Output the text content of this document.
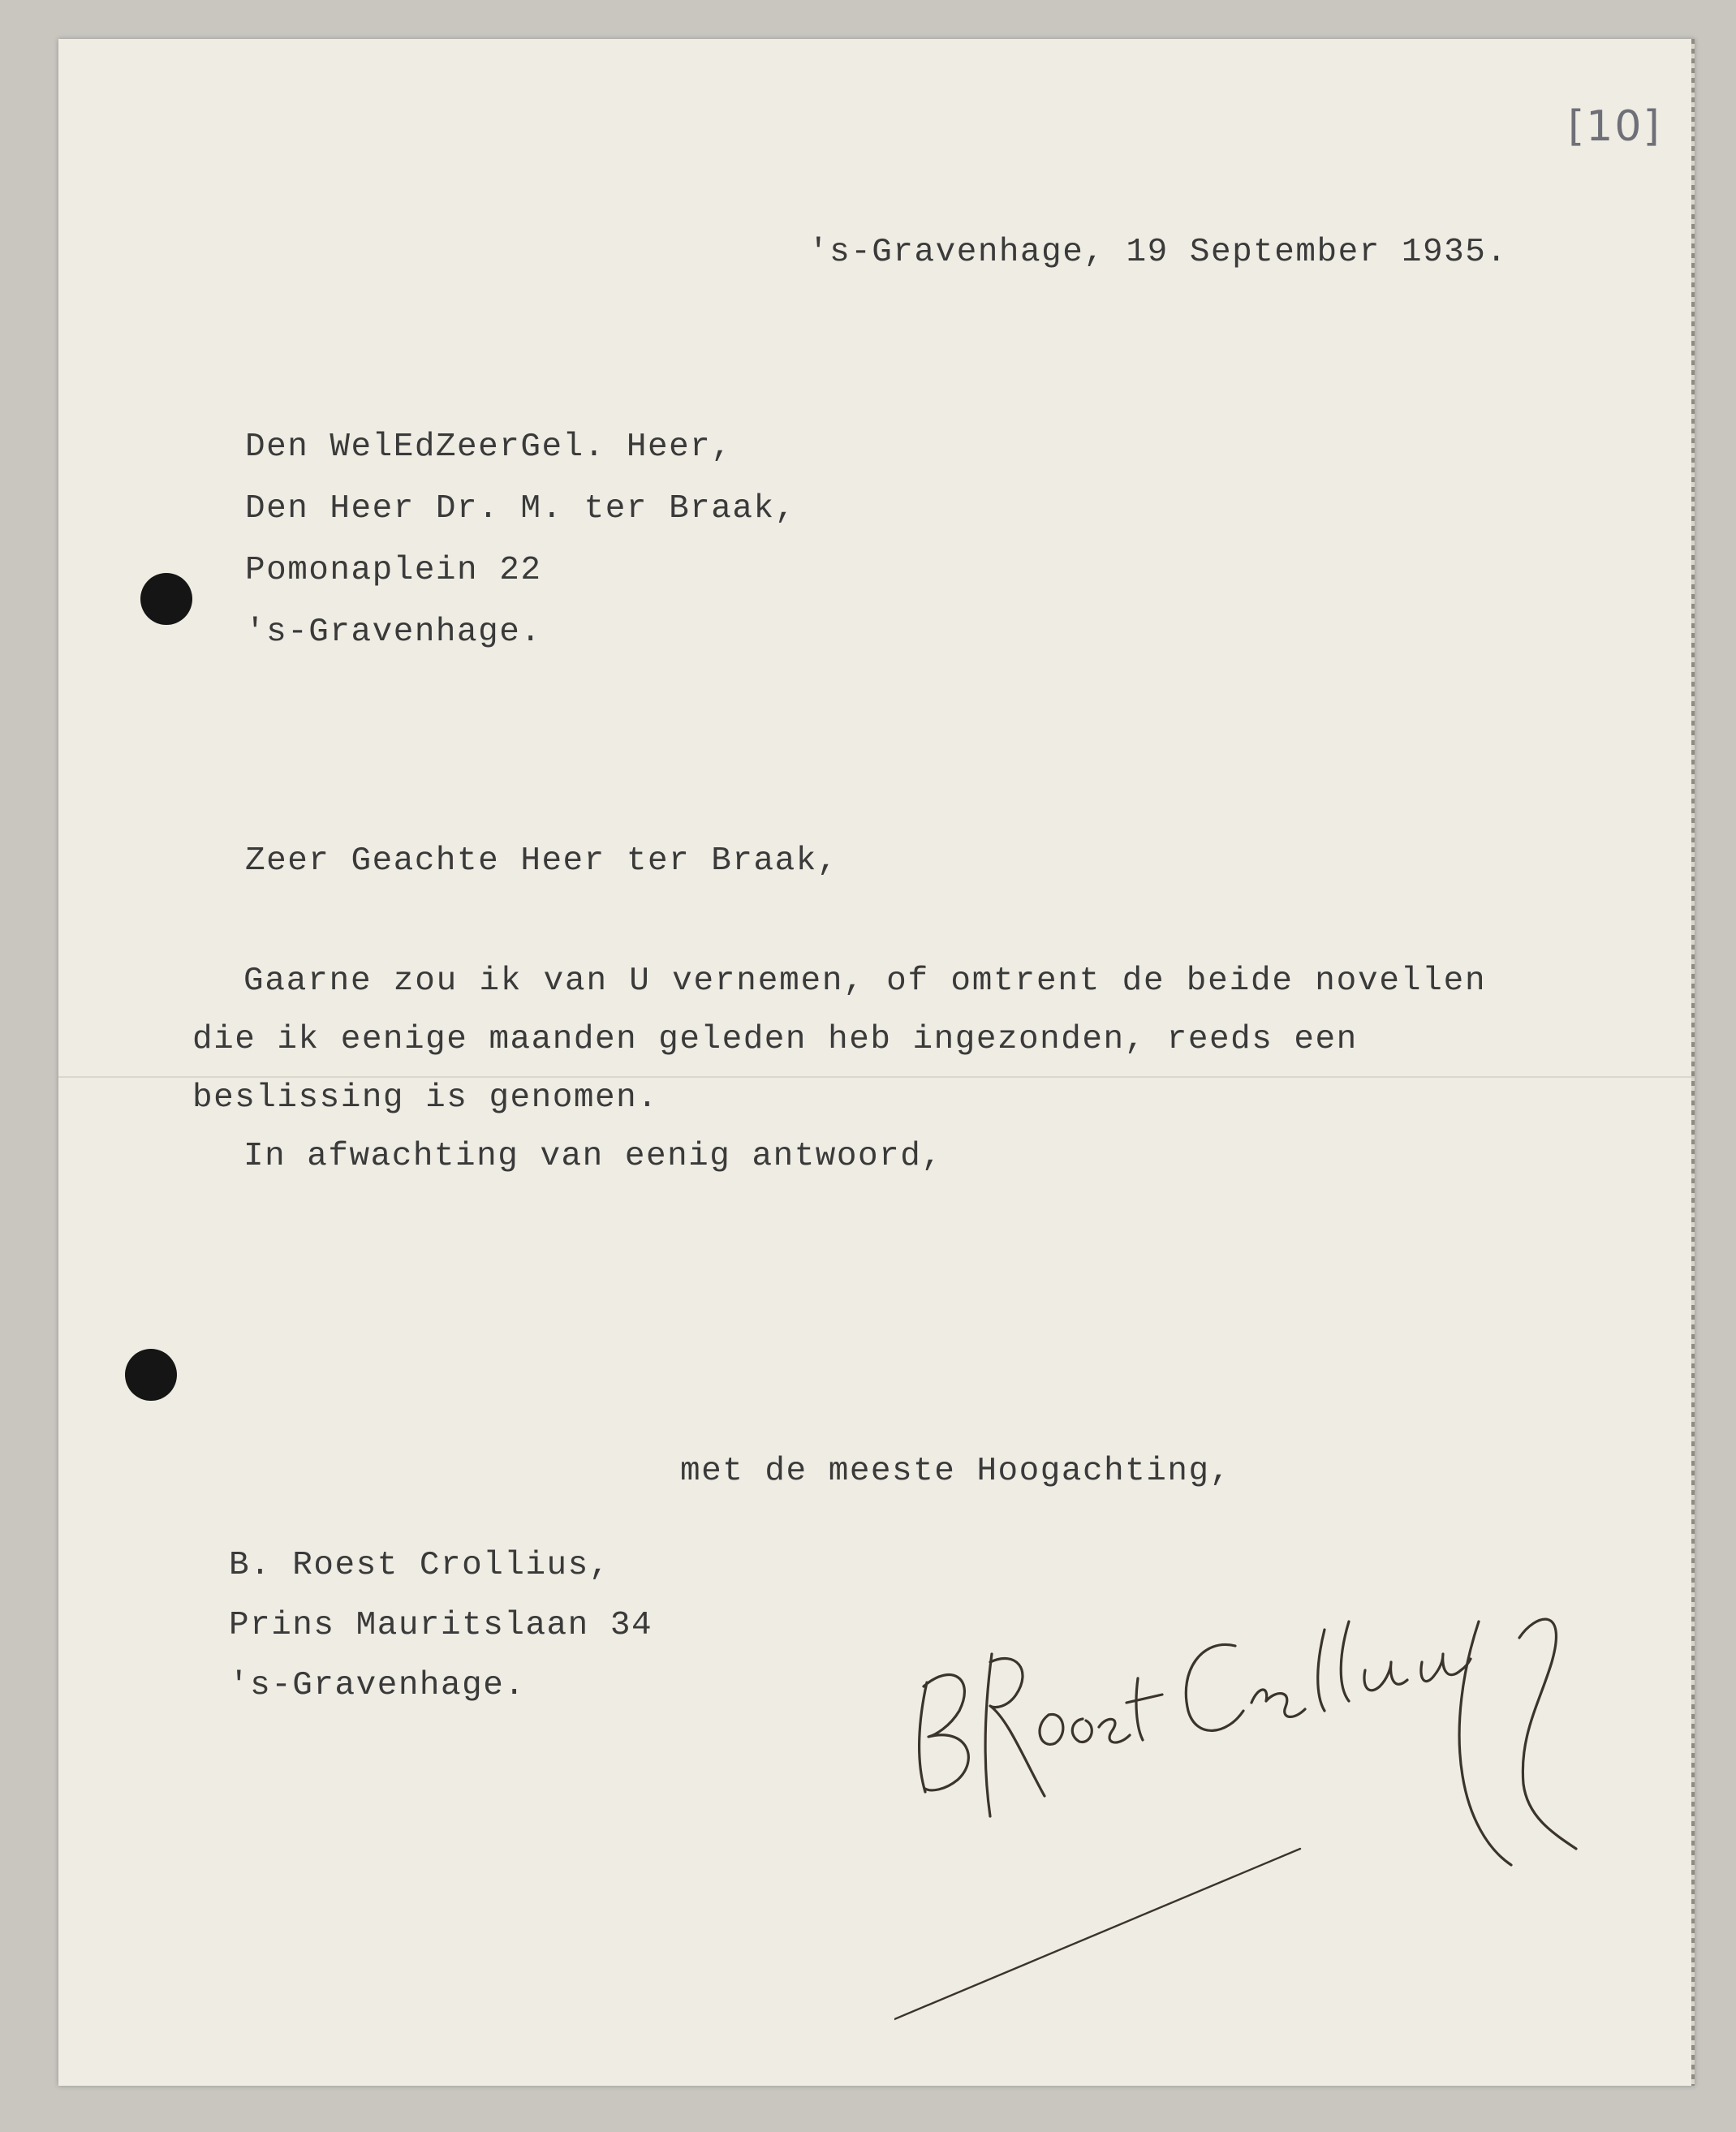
[10]
's-Gravenhage, 19 September 1935.
Den WelEdZeerGel. Heer,
Den Heer Dr. M. ter Braak,
Pomonaplein 22
's-Gravenhage.
Zeer Geachte Heer ter Braak,
Gaarne zou ik van U vernemen, of omtrent de beide novellen
die ik eenige maanden geleden heb ingezonden, reeds een
beslissing is genomen.
In afwachting van eenig antwoord,
met de meeste Hoogachting,
B. Roest Crollius,
Prins Mauritslaan 34
's-Gravenhage.
